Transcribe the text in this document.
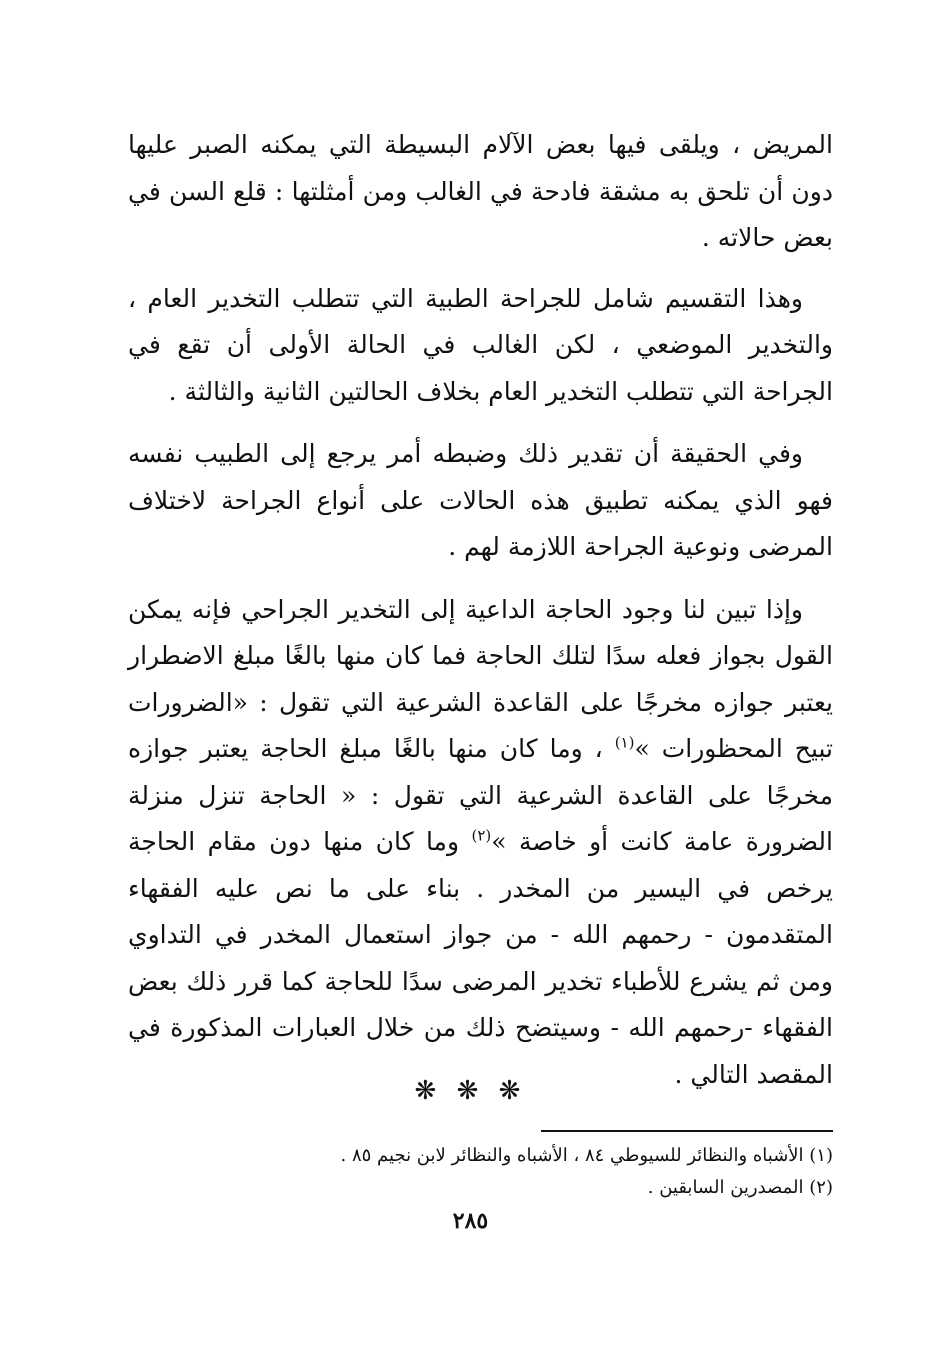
المريض ، ويلقى فيها بعض الآلام البسيطة التي يمكنه الصبر عليها دون أن تلحق به مشقة فادحة في الغالب ومن أمثلتها : قلع السن في بعض حالاته .

وهذا التقسيم شامل للجراحة الطبية التي تتطلب التخدير العام ، والتخدير الموضعي ، لكن الغالب في الحالة الأولى أن تقع في الجراحة التي تتطلب التخدير العام بخلاف الحالتين الثانية والثالثة .

وفي الحقيقة أن تقدير ذلك وضبطه أمر يرجع إلى الطبيب نفسه فهو الذي يمكنه تطبيق هذه الحالات على أنواع الجراحة لاختلاف المرضى ونوعية الجراحة اللازمة لهم .

وإذا تبين لنا وجود الحاجة الداعية إلى التخدير الجراحي فإنه يمكن القول بجواز فعله سدًا لتلك الحاجة فما كان منها بالغًا مبلغ الاضطرار يعتبر جوازه مخرجًا على القاعدة الشرعية التي تقول : «الضرورات تبيح المحظورات »$^{(١)}$ ، وما كان منها بالغًا مبلغ الحاجة يعتبر جوازه مخرجًا على القاعدة الشرعية التي تقول : « الحاجة تنزل منزلة الضرورة عامة كانت أو خاصة »$^{(٢)}$ وما كان منها دون مقام الحاجة يرخص في اليسير من المخدر . بناء على ما نص عليه الفقهاء المتقدمون - رحمهم الله - من جواز استعمال المخدر في التداوي ومن ثم يشرع للأطباء تخدير المرضى سدًا للحاجة كما قرر ذلك بعض الفقهاء -رحمهم الله - وسيتضح ذلك من خلال العبارات المذكورة في المقصد التالي .

❋ ❋ ❋

(١) الأشباه والنظائر للسيوطي ٨٤ ، الأشباه والنظائر لابن نجيم ٨٥ .

(٢) المصدرين السابقين .

٢٨٥
